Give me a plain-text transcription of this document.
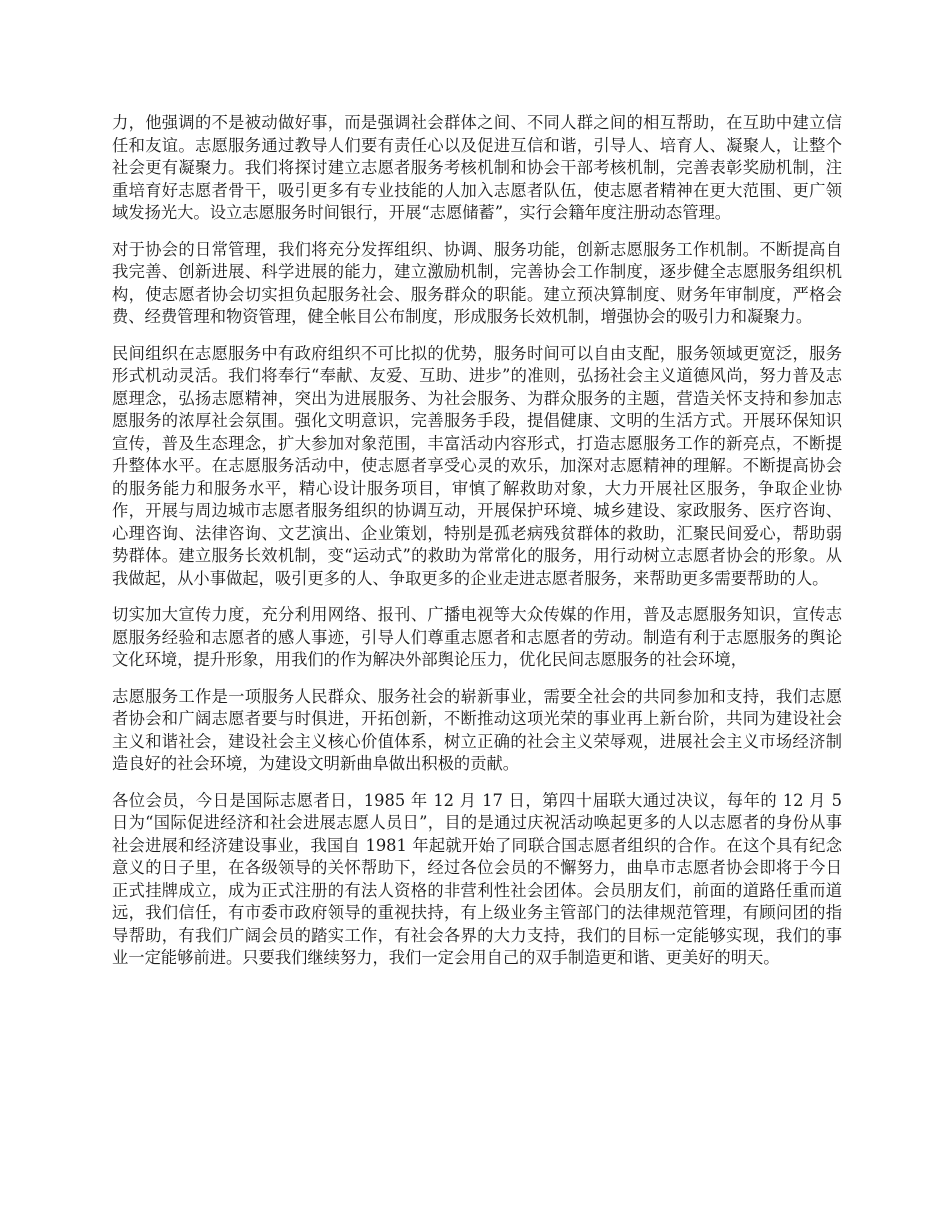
力，他强调的不是被动做好事，而是强调社会群体之间、不同人群之间的相互帮助，在互助中建立信任和友谊。志愿服务通过教导人们要有责任心以及促进互信和谐，引导人、培育人、凝聚人，让整个社会更有凝聚力。我们将探讨建立志愿者服务考核机制和协会干部考核机制，完善表彰奖励机制，注重培育好志愿者骨干，吸引更多有专业技能的人加入志愿者队伍，使志愿者精神在更大范围、更广领域发扬光大。设立志愿服务时间银行，开展“志愿储蓄”，实行会籍年度注册动态管理。

对于协会的日常管理，我们将充分发挥组织、协调、服务功能，创新志愿服务工作机制。不断提高自我完善、创新进展、科学进展的能力，建立激励机制，完善协会工作制度，逐步健全志愿服务组织机构，使志愿者协会切实担负起服务社会、服务群众的职能。建立预决算制度、财务年审制度，严格会费、经费管理和物资管理，健全帐目公布制度，形成服务长效机制，增强协会的吸引力和凝聚力。

民间组织在志愿服务中有政府组织不可比拟的优势，服务时间可以自由支配，服务领域更宽泛，服务形式机动灵活。我们将奉行“奉献、友爱、互助、进步”的准则，弘扬社会主义道德风尚，努力普及志愿理念，弘扬志愿精神，突出为进展服务、为社会服务、为群众服务的主题，营造关怀支持和参加志愿服务的浓厚社会氛围。强化文明意识，完善服务手段，提倡健康、文明的生活方式。开展环保知识宣传，普及生态理念，扩大参加对象范围，丰富活动内容形式，打造志愿服务工作的新亮点，不断提升整体水平。在志愿服务活动中，使志愿者享受心灵的欢乐，加深对志愿精神的理解。不断提高协会的服务能力和服务水平，精心设计服务项目，审慎了解救助对象，大力开展社区服务，争取企业协作，开展与周边城市志愿者服务组织的协调互动，开展保护环境、城乡建设、家政服务、医疗咨询、心理咨询、法律咨询、文艺演出、企业策划，特别是孤老病残贫群体的救助，汇聚民间爱心，帮助弱势群体。建立服务长效机制，变“运动式”的救助为常常化的服务，用行动树立志愿者协会的形象。从我做起，从小事做起，吸引更多的人、争取更多的企业走进志愿者服务，来帮助更多需要帮助的人。

切实加大宣传力度，充分利用网络、报刊、广播电视等大众传媒的作用，普及志愿服务知识，宣传志愿服务经验和志愿者的感人事迹，引导人们尊重志愿者和志愿者的劳动。制造有利于志愿服务的舆论文化环境，提升形象，用我们的作为解决外部舆论压力，优化民间志愿服务的社会环境，

志愿服务工作是一项服务人民群众、服务社会的崭新事业，需要全社会的共同参加和支持，我们志愿者协会和广阔志愿者要与时俱进，开拓创新，不断推动这项光荣的事业再上新台阶，共同为建设社会主义和谐社会，建设社会主义核心价值体系，树立正确的社会主义荣辱观，进展社会主义市场经济制造良好的社会环境，为建设文明新曲阜做出积极的贡献。

各位会员，今日是国际志愿者日，1985 年 12 月 17 日，第四十届联大通过决议，每年的 12 月 5 日为“国际促进经济和社会进展志愿人员日”，目的是通过庆祝活动唤起更多的人以志愿者的身份从事社会进展和经济建设事业，我国自 1981 年起就开始了同联合国志愿者组织的合作。在这个具有纪念意义的日子里，在各级领导的关怀帮助下，经过各位会员的不懈努力，曲阜市志愿者协会即将于今日正式挂牌成立，成为正式注册的有法人资格的非营利性社会团体。会员朋友们，前面的道路任重而道远，我们信任，有市委市政府领导的重视扶持，有上级业务主管部门的法律规范管理，有顾问团的指导帮助，有我们广阔会员的踏实工作，有社会各界的大力支持，我们的目标一定能够实现，我们的事业一定能够前进。只要我们继续努力，我们一定会用自己的双手制造更和谐、更美好的明天。
